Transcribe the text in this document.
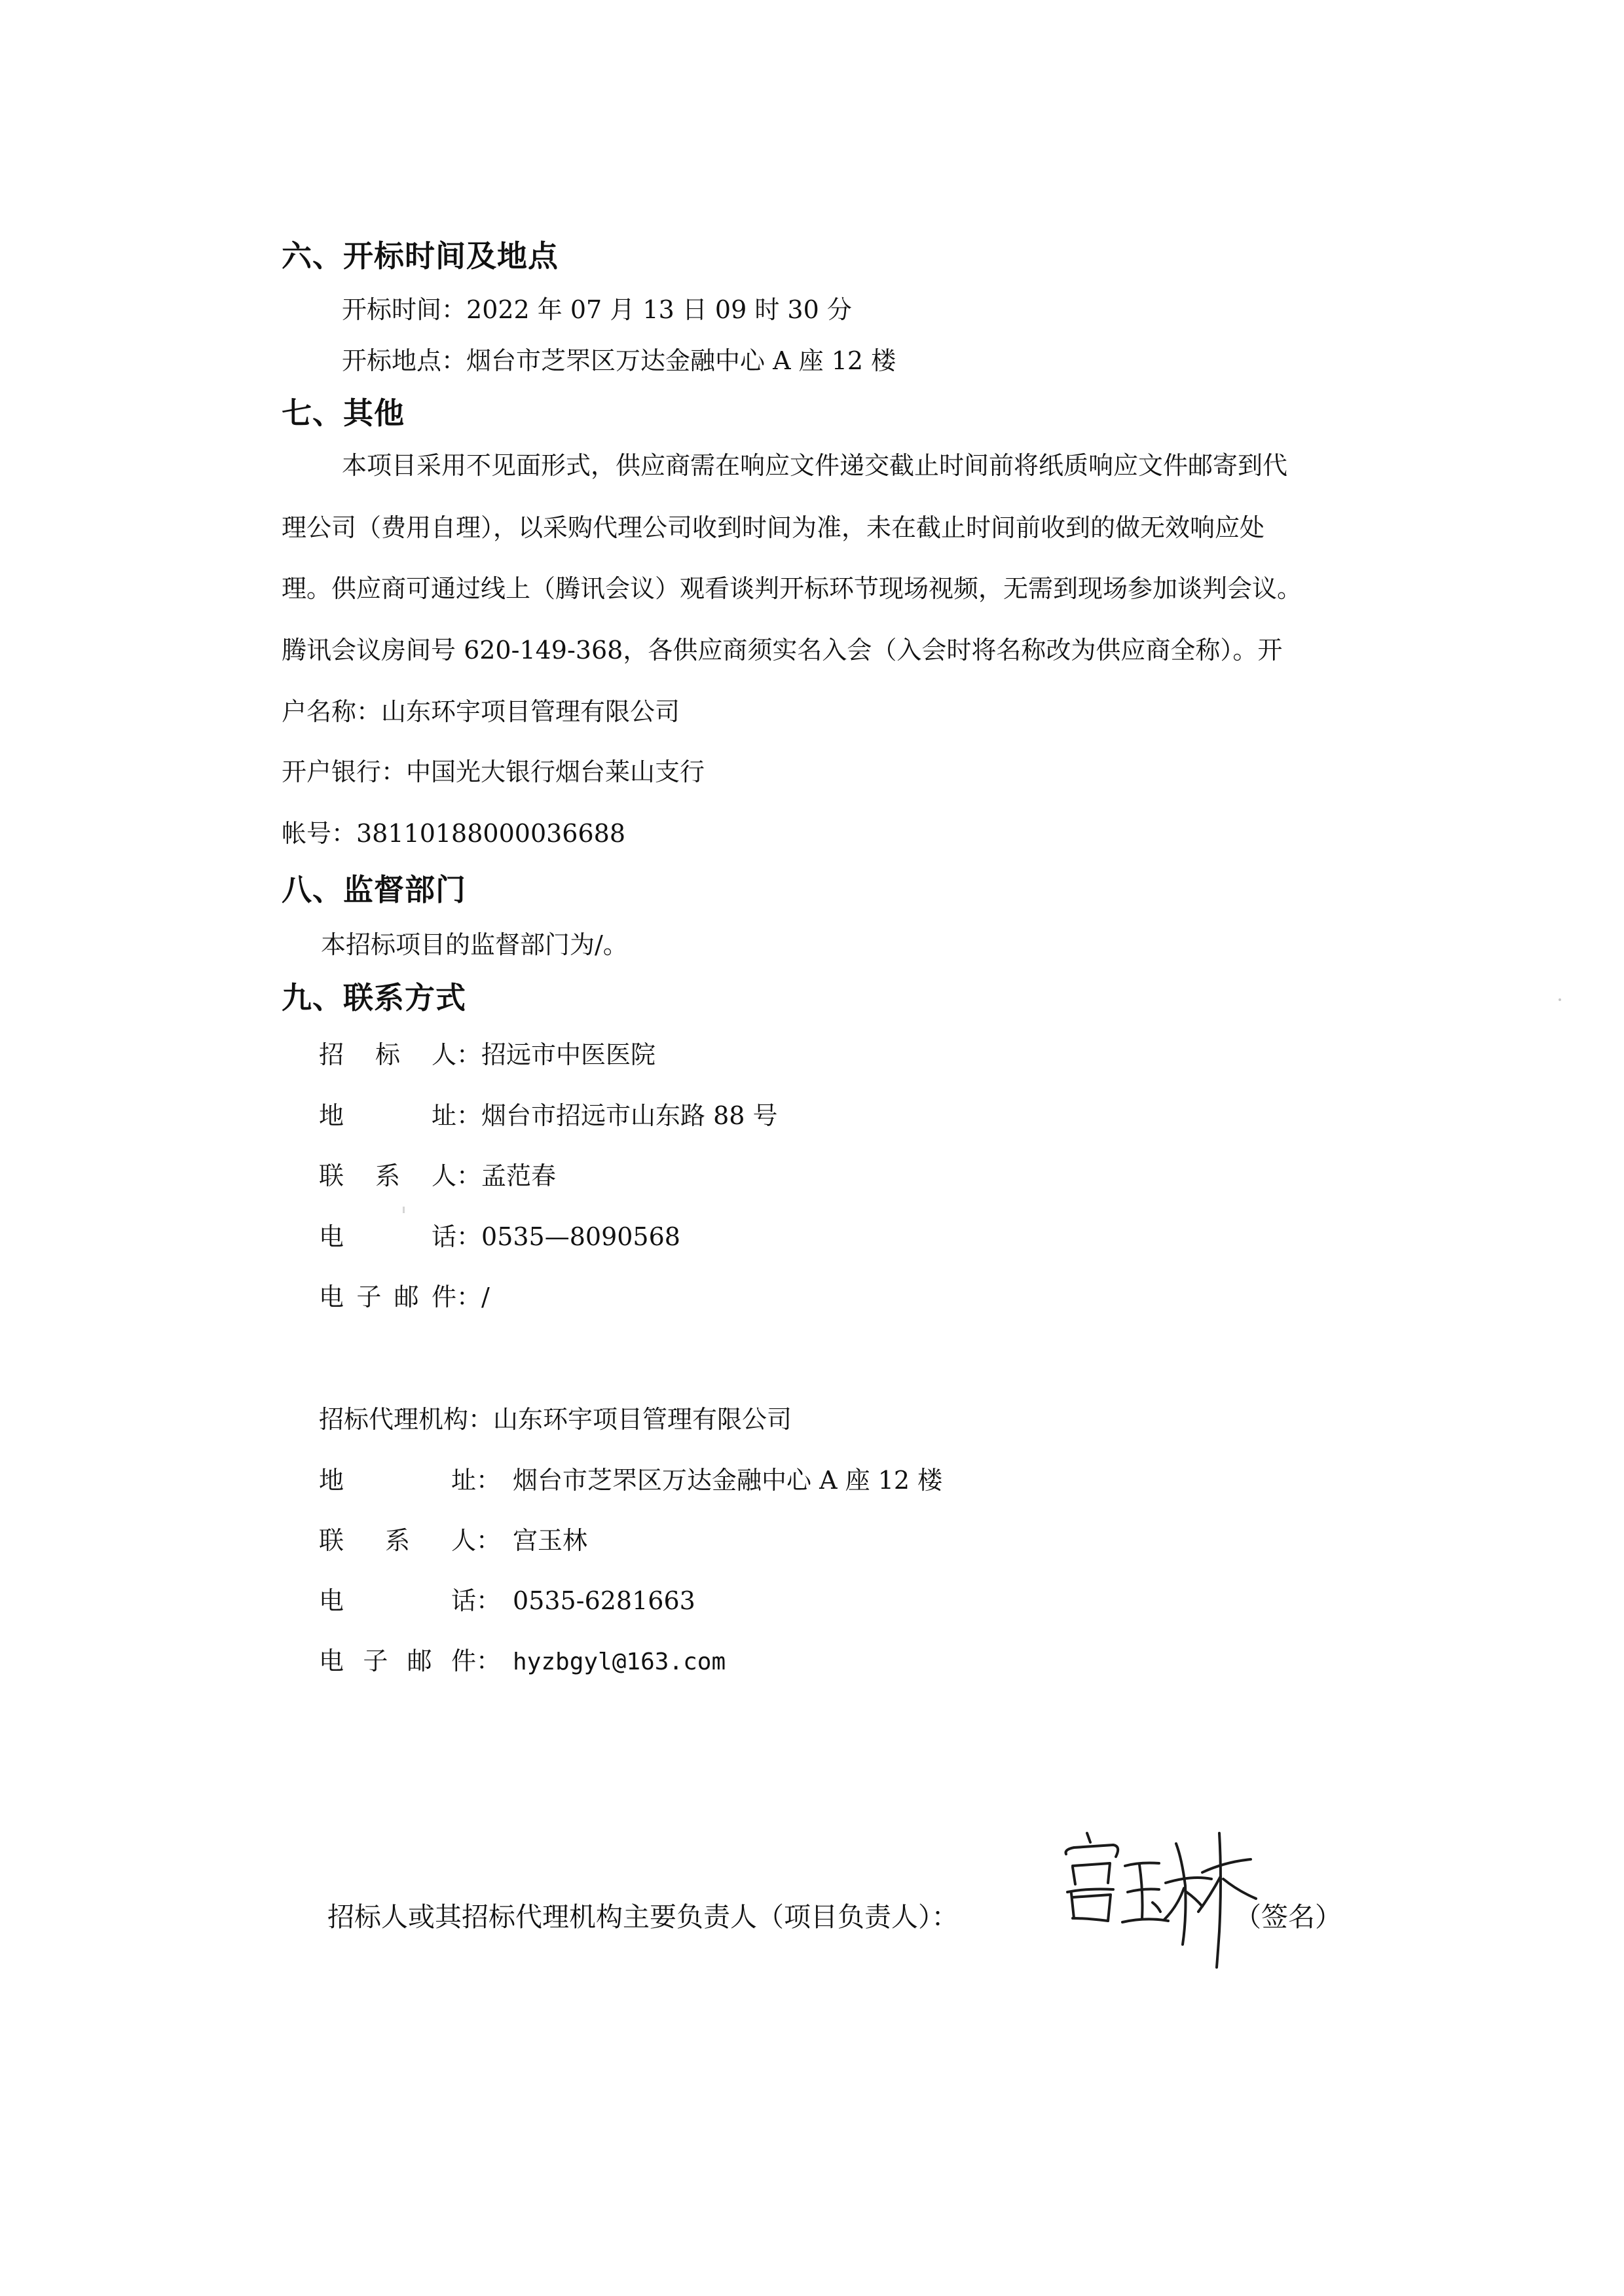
六、开标时间及地点
开标时间：2022 年 07 月 13 日 09 时 30 分
开标地点：烟台市芝罘区万达金融中心 A 座 12 楼
七、其他
本项目采用不见面形式，供应商需在响应文件递交截止时间前将纸质响应文件邮寄到代
理公司（费用自理），以采购代理公司收到时间为准，未在截止时间前收到的做无效响应处
理。供应商可通过线上（腾讯会议）观看谈判开标环节现场视频，无需到现场参加谈判会议。
腾讯会议房间号 620-149-368，各供应商须实名入会（入会时将名称改为供应商全称）。开
户名称：山东环宇项目管理有限公司
开户银行：中国光大银行烟台莱山支行
帐号：38110188000036688
八、监督部门
本招标项目的监督部门为/。
九、联系方式
招 标 人：招远市中医医院
地 址：烟台市招远市山东路 88 号
联 系 人：孟范春
电 话：0535—8090568
电子邮件：/
招标代理机构：山东环宇项目管理有限公司
地 址： 烟台市芝罘区万达金融中心 A 座 12 楼
联 系 人： 宫玉林
电 话： 0535-6281663
电子邮件： hyzbgyl@163.com
招标人或其招标代理机构主要负责人（项目负责人）：	（签名）
